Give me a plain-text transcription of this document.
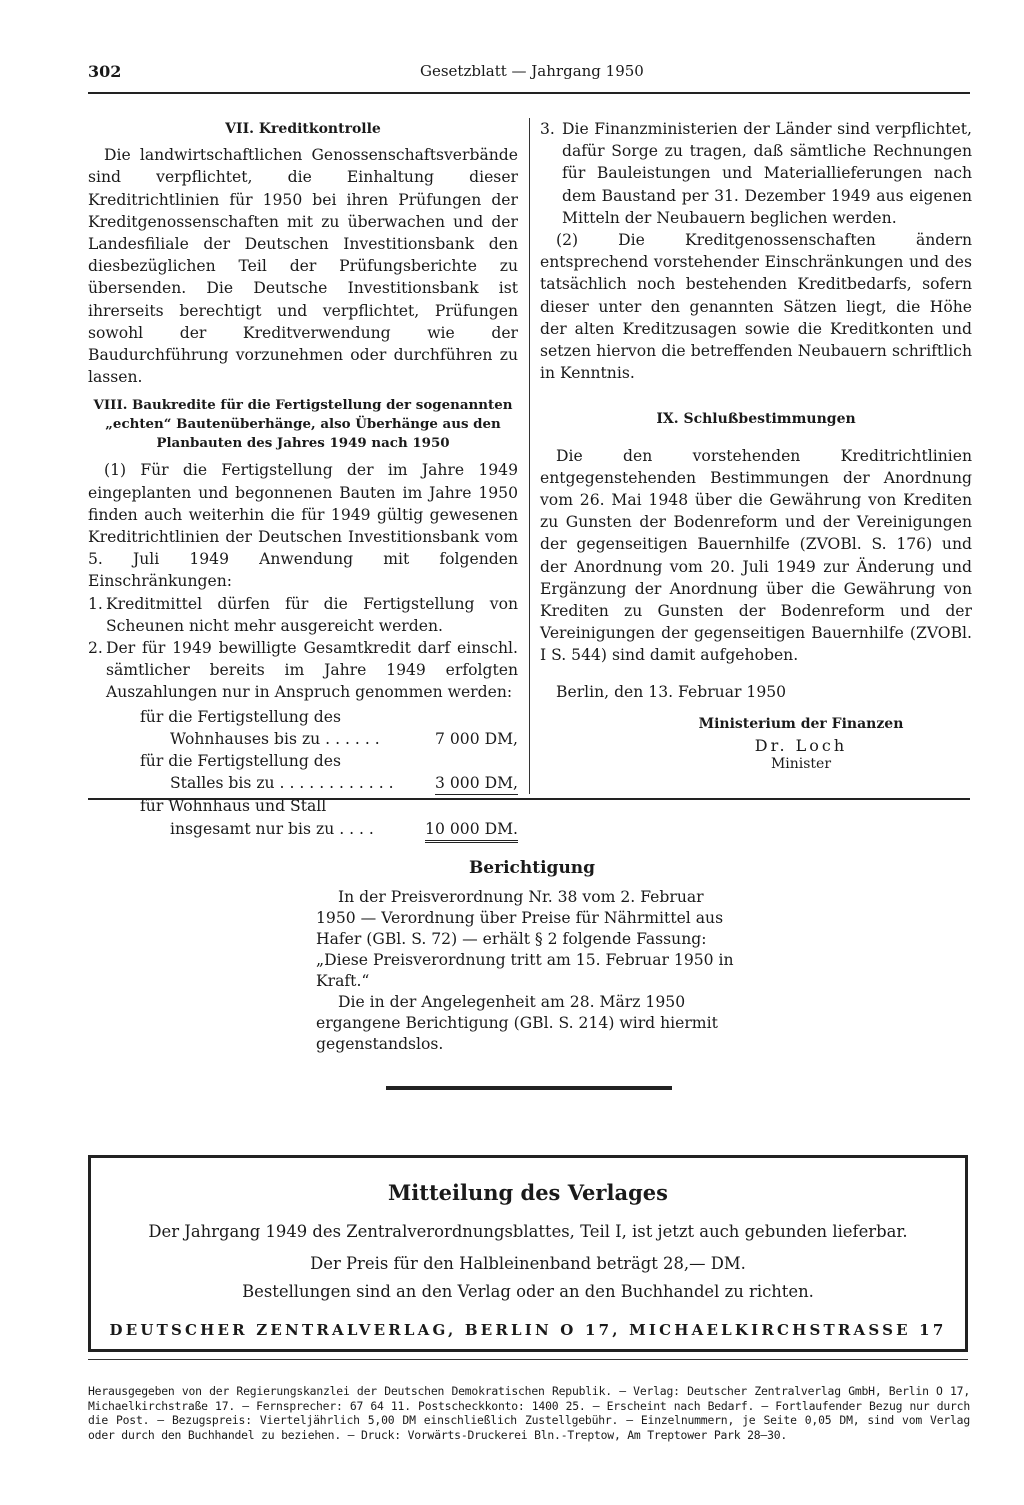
302	Gesetzblatt — Jahrgang 1950
VII. Kreditkontrolle

Die landwirtschaftlichen Genossenschaftsverbände sind verpflichtet, die Einhaltung dieser Kreditrichtlinien für 1950 bei ihren Prüfungen der Kreditgenossenschaften mit zu überwachen und der Landesfiliale der Deutschen Investitionsbank den diesbezüglichen Teil der Prüfungsberichte zu übersenden. Die Deutsche Investitionsbank ist ihrerseits berechtigt und verpflichtet, Prüfungen sowohl der Kreditverwendung wie der Baudurchführung vorzunehmen oder durchführen zu lassen.

VIII. Baukredite für die Fertigstellung der sogenannten
„echten“ Bautenüberhänge, also Überhänge aus den
Planbauten des Jahres 1949 nach 1950

(1) Für die Fertigstellung der im Jahre 1949 eingeplanten und begonnenen Bauten im Jahre 1950 finden auch weiterhin die für 1949 gültig gewesenen Kreditrichtlinien der Deutschen Investitionsbank vom 5. Juli 1949 Anwendung mit folgenden Einschränkungen:

1. Kreditmittel dürfen für die Fertigstellung von Scheunen nicht mehr ausgereicht werden.
2. Der für 1949 bewilligte Gesamtkredit darf einschl. sämtlicher bereits im Jahre 1949 erfolgten Auszahlungen nur in Anspruch genommen werden:
für die Fertigstellung des
Wohnhauses bis zu . . . . . .	7 000 DM,
für die Fertigstellung des
Stalles bis zu . . . . . . . . . . . .	3 000 DM,
für Wohnhaus und Stall
insgesamt nur bis zu . . . .	10 000 DM.
3. Die Finanzministerien der Länder sind verpflichtet, dafür Sorge zu tragen, daß sämtliche Rechnungen für Bauleistungen und Materiallieferungen nach dem Baustand per 31. Dezember 1949 aus eigenen Mitteln der Neubauern beglichen werden.

(2) Die Kreditgenossenschaften ändern entsprechend vorstehender Einschränkungen und des tatsächlich noch bestehenden Kreditbedarfs, sofern dieser unter den genannten Sätzen liegt, die Höhe der alten Kreditzusagen sowie die Kreditkonten und setzen hiervon die betreffenden Neubauern schriftlich in Kenntnis.

IX. Schlußbestimmungen

Die den vorstehenden Kreditrichtlinien entgegenstehenden Bestimmungen der Anordnung vom 26. Mai 1948 über die Gewährung von Krediten zu Gunsten der Bodenreform und der Vereinigungen der gegenseitigen Bauernhilfe (ZVOBl. S. 176) und der Anordnung vom 20. Juli 1949 zur Änderung und Ergänzung der Anordnung über die Gewährung von Krediten zu Gunsten der Bodenreform und der Vereinigungen der gegenseitigen Bauernhilfe (ZVOBl. I S. 544) sind damit aufgehoben.

Berlin, den 13. Februar 1950

Ministerium der Finanzen
Dr. Loch
Minister
Berichtigung

In der Preisverordnung Nr. 38 vom 2. Februar 1950 — Verordnung über Preise für Nährmittel aus Hafer (GBl. S. 72) — erhält § 2 folgende Fassung:

„Diese Preisverordnung tritt am 15. Februar 1950 in Kraft.“

Die in der Angelegenheit am 28. März 1950 ergangene Berichtigung (GBl. S. 214) wird hiermit gegenstandslos.

Mitteilung des Verlages
Der Jahrgang 1949 des Zentralverordnungsblattes, Teil I, ist jetzt auch gebunden lieferbar.
Der Preis für den Halbleinenband beträgt 28,— DM.
Bestellungen sind an den Verlag oder an den Buchhandel zu richten.
DEUTSCHER ZENTRALVERLAG, BERLIN O 17, MICHAELKIRCHSTRASSE 17
Herausgegeben von der Regierungskanzlei der Deutschen Demokratischen Republik. — Verlag: Deutscher Zentralverlag GmbH, Berlin O 17, Michaelkirchstraße 17. — Fernsprecher: 67 64 11. Postscheckkonto: 1400 25. — Erscheint nach Bedarf. — Fortlaufender Bezug nur durch die Post. — Bezugspreis: Vierteljährlich 5,00 DM einschließlich Zustellgebühr. — Einzelnummern, je Seite 0,05 DM, sind vom Verlag oder durch den Buchhandel zu beziehen. — Druck: Vorwärts-Druckerei Bln.-Treptow, Am Treptower Park 28—30.
